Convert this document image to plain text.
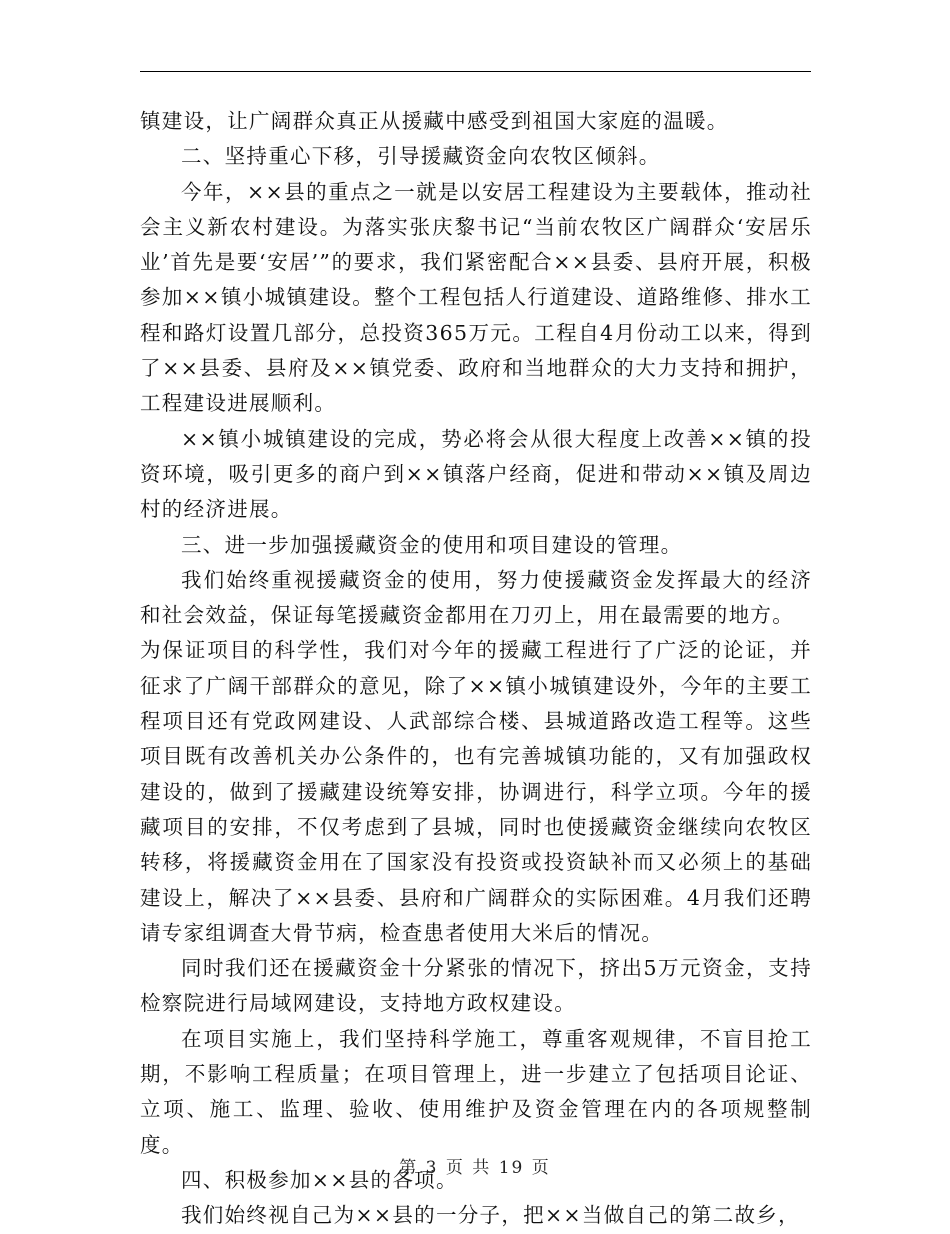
镇建设，让广阔群众真正从援藏中感受到祖国大家庭的温暖。

二、坚持重心下移，引导援藏资金向农牧区倾斜。

今年，××县的重点之一就是以安居工程建设为主要载体，推动社会主义新农村建设。为落实张庆黎书记“当前农牧区广阔群众‘安居乐业’首先是要‘安居’”的要求，我们紧密配合××县委、县府开展，积极参加××镇小城镇建设。整个工程包括人行道建设、道路维修、排水工程和路灯设置几部分，总投资365万元。工程自4月份动工以来，得到了××县委、县府及××镇党委、政府和当地群众的大力支持和拥护，工程建设进展顺利。

××镇小城镇建设的完成，势必将会从很大程度上改善××镇的投资环境，吸引更多的商户到××镇落户经商，促进和带动××镇及周边村的经济进展。

三、进一步加强援藏资金的使用和项目建设的管理。

我们始终重视援藏资金的使用，努力使援藏资金发挥最大的经济和社会效益，保证每笔援藏资金都用在刀刃上，用在最需要的地方。

为保证项目的科学性，我们对今年的援藏工程进行了广泛的论证，并征求了广阔干部群众的意见，除了××镇小城镇建设外，今年的主要工程项目还有党政网建设、人武部综合楼、县城道路改造工程等。这些项目既有改善机关办公条件的，也有完善城镇功能的，又有加强政权建设的，做到了援藏建设统筹安排，协调进行，科学立项。今年的援藏项目的安排，不仅考虑到了县城，同时也使援藏资金继续向农牧区转移，将援藏资金用在了国家没有投资或投资缺补而又必须上的基础建设上，解决了××县委、县府和广阔群众的实际困难。4月我们还聘请专家组调查大骨节病，检查患者使用大米后的情况。

同时我们还在援藏资金十分紧张的情况下，挤出5万元资金，支持检察院进行局域网建设，支持地方政权建设。

在项目实施上，我们坚持科学施工，尊重客观规律，不盲目抢工期，不影响工程质量；在项目管理上，进一步建立了包括项目论证、立项、施工、监理、验收、使用维护及资金管理在内的各项规整制度。

四、积极参加××县的各项。

我们始终视自己为××县的一分子，把××当做自己的第二故乡，

第 3 页 共 19 页
